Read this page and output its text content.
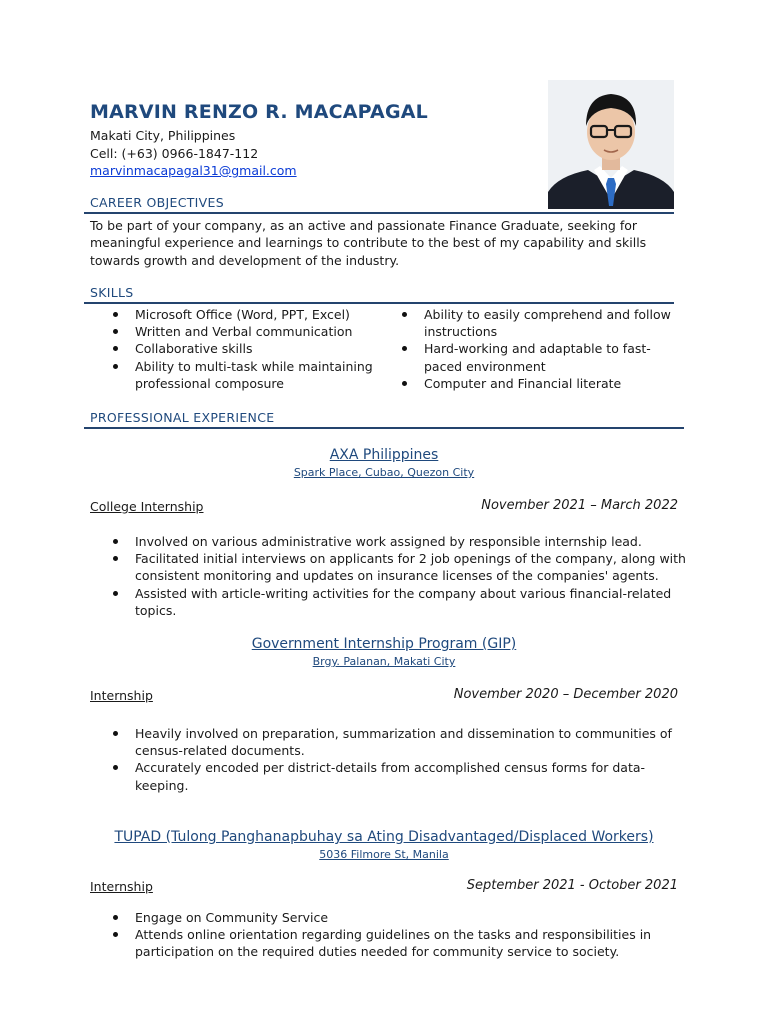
MARVIN RENZO R. MACAPAGAL
Makati City, Philippines
Cell: (+63) 0966-1847-112
marvinmacapagal31@gmail.com
CAREER OBJECTIVES
To be part of your company, as an active and passionate Finance Graduate, seeking for meaningful experience and learnings to contribute to the best of my capability and skills towards growth and development of the industry.
SKILLS
Microsoft Office (Word, PPT, Excel)
Written and Verbal communication
Collaborative skills
Ability to multi-task while maintaining professional composure
Ability to easily comprehend and follow instructions
Hard-working and adaptable to fast-paced environment
Computer and Financial literate
PROFESSIONAL EXPERIENCE
AXA Philippines
Spark Place, Cubao, Quezon City
College Internship	November 2021 – March 2022
Involved on various administrative work assigned by responsible internship lead.
Facilitated initial interviews on applicants for 2 job openings of the company, along with consistent monitoring and updates on insurance licenses of the companies' agents.
Assisted with article-writing activities for the company about various financial-related topics.
Government Internship Program (GIP)
Brgy. Palanan, Makati City
Internship	November 2020 – December 2020
Heavily involved on preparation, summarization and dissemination to communities of census-related documents.
Accurately encoded per district-details from accomplished census forms for data-keeping.
TUPAD (Tulong Panghanapbuhay sa Ating Disadvantaged/Displaced Workers)
5036 Filmore St, Manila
Internship	September 2021 - October 2021
Engage on Community Service
Attends online orientation regarding guidelines on the tasks and responsibilities in participation on the required duties needed for community service to society.
